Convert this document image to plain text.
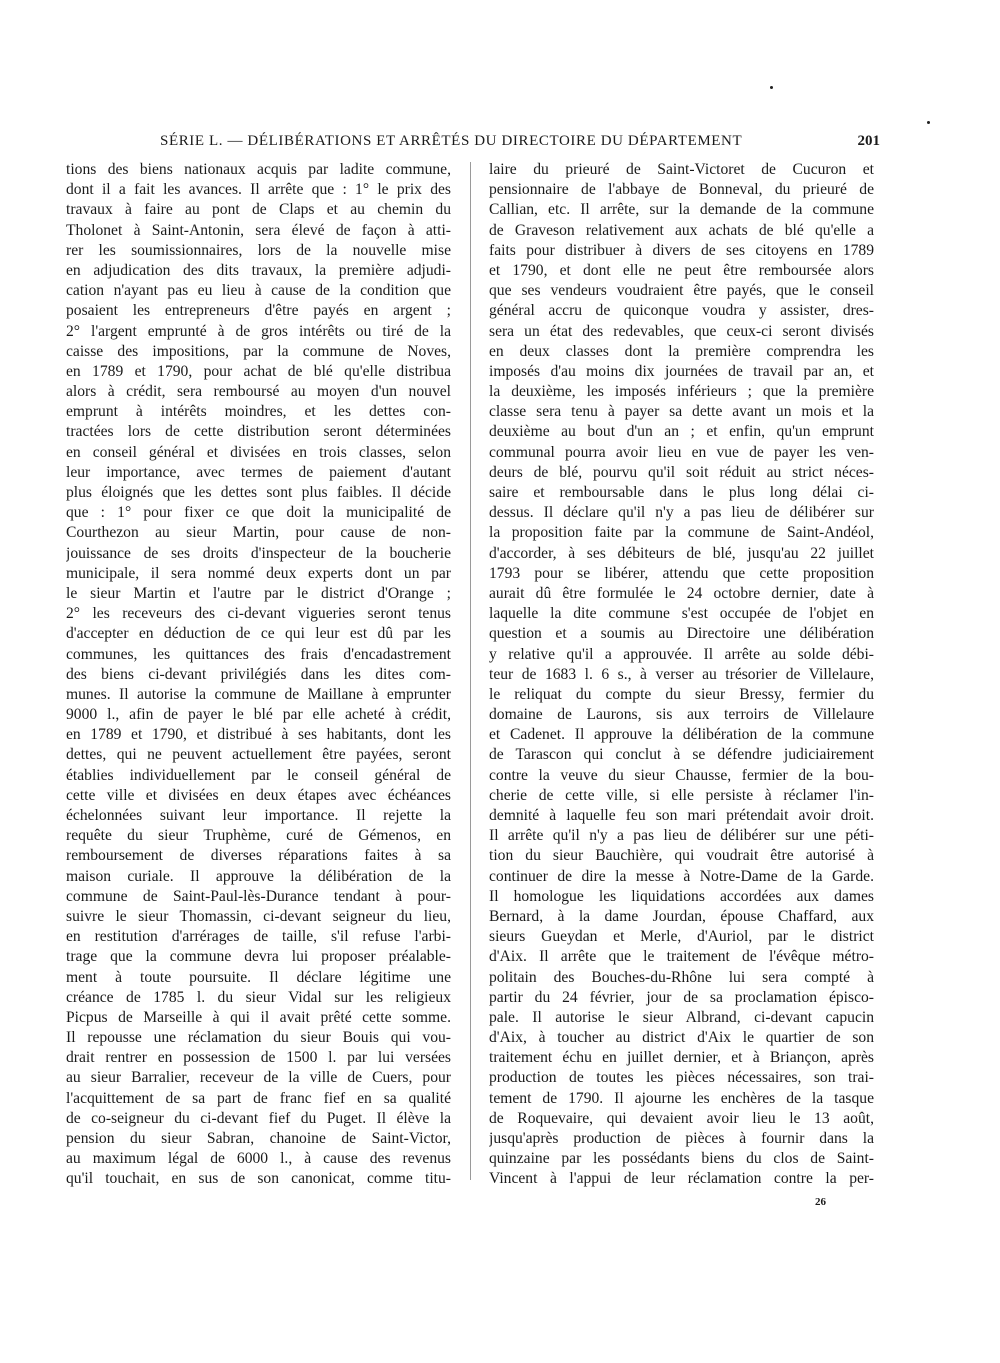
SÉRIE L. — DÉLIBÉRATIONS ET ARRÊTÉS DU DIRECTOIRE DU DÉPARTEMENT	201
tions des biens nationaux acquis par ladite commune,
dont il a fait les avances. Il arrête que : 1° le prix des
travaux à faire au pont de Claps et au chemin du
Tholonet à Saint-Antonin, sera élevé de façon à atti-
rer les soumissionnaires, lors de la nouvelle mise
en adjudication des dits travaux, la première adjudi-
cation n'ayant pas eu lieu à cause de la condition que
posaient les entrepreneurs d'être payés en argent ;
2° l'argent emprunté à de gros intérêts ou tiré de la
caisse des impositions, par la commune de Noves,
en 1789 et 1790, pour achat de blé qu'elle distribua
alors à crédit, sera remboursé au moyen d'un nouvel
emprunt à intérêts moindres, et les dettes con-
tractées lors de cette distribution seront déterminées
en conseil général et divisées en trois classes, selon
leur importance, avec termes de paiement d'autant
plus éloignés que les dettes sont plus faibles. Il décide
que : 1° pour fixer ce que doit la municipalité de
Courthezon au sieur Martin, pour cause de non-
jouissance de ses droits d'inspecteur de la boucherie
municipale, il sera nommé deux experts dont un par
le sieur Martin et l'autre par le district d'Orange ;
2° les receveurs des ci-devant vigueries seront tenus
d'accepter en déduction de ce qui leur est dû par les
communes, les quittances des frais d'encadastrement
des biens ci-devant privilégiés dans les dites com-
munes. Il autorise la commune de Maillane à emprunter
9000 l., afin de payer le blé par elle acheté à crédit,
en 1789 et 1790, et distribué à ses habitants, dont les
dettes, qui ne peuvent actuellement être payées, seront
établies individuellement par le conseil général de
cette ville et divisées en deux étapes avec échéances
échelonnées suivant leur importance. Il rejette la
requête du sieur Truphème, curé de Gémenos, en
remboursement de diverses réparations faites à sa
maison curiale. Il approuve la délibération de la
commune de Saint-Paul-lès-Durance tendant à pour-
suivre le sieur Thomassin, ci-devant seigneur du lieu,
en restitution d'arrérages de taille, s'il refuse l'arbi-
trage que la commune devra lui proposer préalable-
ment à toute poursuite. Il déclare légitime une
créance de 1785 l. du sieur Vidal sur les religieux
Picpus de Marseille à qui il avait prêté cette somme.
Il repousse une réclamation du sieur Bouis qui vou-
drait rentrer en possession de 1500 l. par lui versées
au sieur Barralier, receveur de la ville de Cuers, pour
l'acquittement de sa part de franc fief en sa qualité
de co-seigneur du ci-devant fief du Puget. Il élève la
pension du sieur Sabran, chanoine de Saint-Victor,
au maximum légal de 6000 l., à cause des revenus
qu'il touchait, en sus de son canonicat, comme titu-
laire du prieuré de Saint-Victoret de Cucuron et
pensionnaire de l'abbaye de Bonneval, du prieuré de
Callian, etc. Il arrête, sur la demande de la commune
de Graveson relativement aux achats de blé qu'elle a
faits pour distribuer à divers de ses citoyens en 1789
et 1790, et dont elle ne peut être remboursée alors
que ses vendeurs voudraient être payés, que le conseil
général accru de quiconque voudra y assister, dres-
sera un état des redevables, que ceux-ci seront divisés
en deux classes dont la première comprendra les
imposés d'au moins dix journées de travail par an, et
la deuxième, les imposés inférieurs ; que la première
classe sera tenu à payer sa dette avant un mois et la
deuxième au bout d'un an ; et enfin, qu'un emprunt
communal pourra avoir lieu en vue de payer les ven-
deurs de blé, pourvu qu'il soit réduit au strict néces-
saire et remboursable dans le plus long délai ci-
dessus. Il déclare qu'il n'y a pas lieu de délibérer sur
la proposition faite par la commune de Saint-Andéol,
d'accorder, à ses débiteurs de blé, jusqu'au 22 juillet
1793 pour se libérer, attendu que cette proposition
aurait dû être formulée le 24 octobre dernier, date à
laquelle la dite commune s'est occupée de l'objet en
question et a soumis au Directoire une délibération
y relative qu'il a approuvée. Il arrête au solde débi-
teur de 1683 l. 6 s., à verser au trésorier de Villelaure,
le reliquat du compte du sieur Bressy, fermier du
domaine de Laurons, sis aux terroirs de Villelaure
et Cadenet. Il approuve la délibération de la commune
de Tarascon qui conclut à se défendre judiciairement
contre la veuve du sieur Chausse, fermier de la bou-
cherie de cette ville, si elle persiste à réclamer l'in-
demnité à laquelle feu son mari prétendait avoir droit.
Il arrête qu'il n'y a pas lieu de délibérer sur une péti-
tion du sieur Bauchière, qui voudrait être autorisé à
continuer de dire la messe à Notre-Dame de la Garde.
Il homologue les liquidations accordées aux dames
Bernard, à la dame Jourdan, épouse Chaffard, aux
sieurs Gueydan et Merle, d'Auriol, par le district
d'Aix. Il arrête que le traitement de l'évêque métro-
politain des Bouches-du-Rhône lui sera compté à
partir du 24 février, jour de sa proclamation épisco-
pale. Il autorise le sieur Albrand, ci-devant capucin
d'Aix, à toucher au district d'Aix le quartier de son
traitement échu en juillet dernier, et à Briançon, après
production de toutes les pièces nécessaires, son trai-
tement de 1790. Il ajourne les enchères de la tasque
de Roquevaire, qui devaient avoir lieu le 13 août,
jusqu'après production de pièces à fournir dans la
quinzaine par les possédants biens du clos de Saint-
Vincent à l'appui de leur réclamation contre la per-
26
